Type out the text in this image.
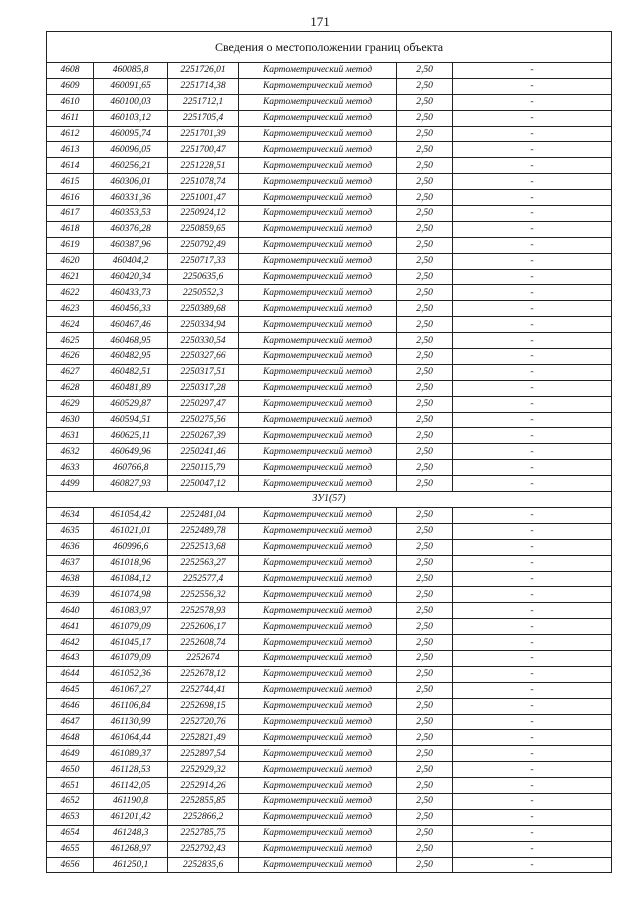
171
Сведения о местоположении границ объекта					
4608	460085,8	2251726,01	Картометрический метод	2,50	-
4609	460091,65	2251714,38	Картометрический метод	2,50	-
4610	460100,03	2251712,1	Картометрический метод	2,50	-
4611	460103,12	2251705,4	Картометрический метод	2,50	-
4612	460095,74	2251701,39	Картометрический метод	2,50	-
4613	460096,05	2251700,47	Картометрический метод	2,50	-
4614	460256,21	2251228,51	Картометрический метод	2,50	-
4615	460306,01	2251078,74	Картометрический метод	2,50	-
4616	460331,36	2251001,47	Картометрический метод	2,50	-
4617	460353,53	2250924,12	Картометрический метод	2,50	-
4618	460376,28	2250859,65	Картометрический метод	2,50	-
4619	460387,96	2250792,49	Картометрический метод	2,50	-
4620	460404,2	2250717,33	Картометрический метод	2,50	-
4621	460420,34	2250635,6	Картометрический метод	2,50	-
4622	460433,73	2250552,3	Картометрический метод	2,50	-
4623	460456,33	2250389,68	Картометрический метод	2,50	-
4624	460467,46	2250334,94	Картометрический метод	2,50	-
4625	460468,95	2250330,54	Картометрический метод	2,50	-
4626	460482,95	2250327,66	Картометрический метод	2,50	-
4627	460482,51	2250317,51	Картометрический метод	2,50	-
4628	460481,89	2250317,28	Картометрический метод	2,50	-
4629	460529,87	2250297,47	Картометрический метод	2,50	-
4630	460594,51	2250275,56	Картометрический метод	2,50	-
4631	460625,11	2250267,39	Картометрический метод	2,50	-
4632	460649,96	2250241,46	Картометрический метод	2,50	-
4633	460766,8	2250115,79	Картометрический метод	2,50	-
4499	460827,93	2250047,12	Картометрический метод	2,50	-
ЗУ1(57)					
4634	461054,42	2252481,04	Картометрический метод	2,50	-
4635	461021,01	2252489,78	Картометрический метод	2,50	-
4636	460996,6	2252513,68	Картометрический метод	2,50	-
4637	461018,96	2252563,27	Картометрический метод	2,50	-
4638	461084,12	2252577,4	Картометрический метод	2,50	-
4639	461074,98	2252556,32	Картометрический метод	2,50	-
4640	461083,97	2252578,93	Картометрический метод	2,50	-
4641	461079,09	2252606,17	Картометрический метод	2,50	-
4642	461045,17	2252608,74	Картометрический метод	2,50	-
4643	461079,09	2252674	Картометрический метод	2,50	-
4644	461052,36	2252678,12	Картометрический метод	2,50	-
4645	461067,27	2252744,41	Картометрический метод	2,50	-
4646	461106,84	2252698,15	Картометрический метод	2,50	-
4647	461130,99	2252720,76	Картометрический метод	2,50	-
4648	461064,44	2252821,49	Картометрический метод	2,50	-
4649	461089,37	2252897,54	Картометрический метод	2,50	-
4650	461128,53	2252929,32	Картометрический метод	2,50	-
4651	461142,05	2252914,26	Картометрический метод	2,50	-
4652	461190,8	2252855,85	Картометрический метод	2,50	-
4653	461201,42	2252866,2	Картометрический метод	2,50	-
4654	461248,3	2252785,75	Картометрический метод	2,50	-
4655	461268,97	2252792,43	Картометрический метод	2,50	-
4656	461250,1	2252835,6	Картометрический метод	2,50	-
